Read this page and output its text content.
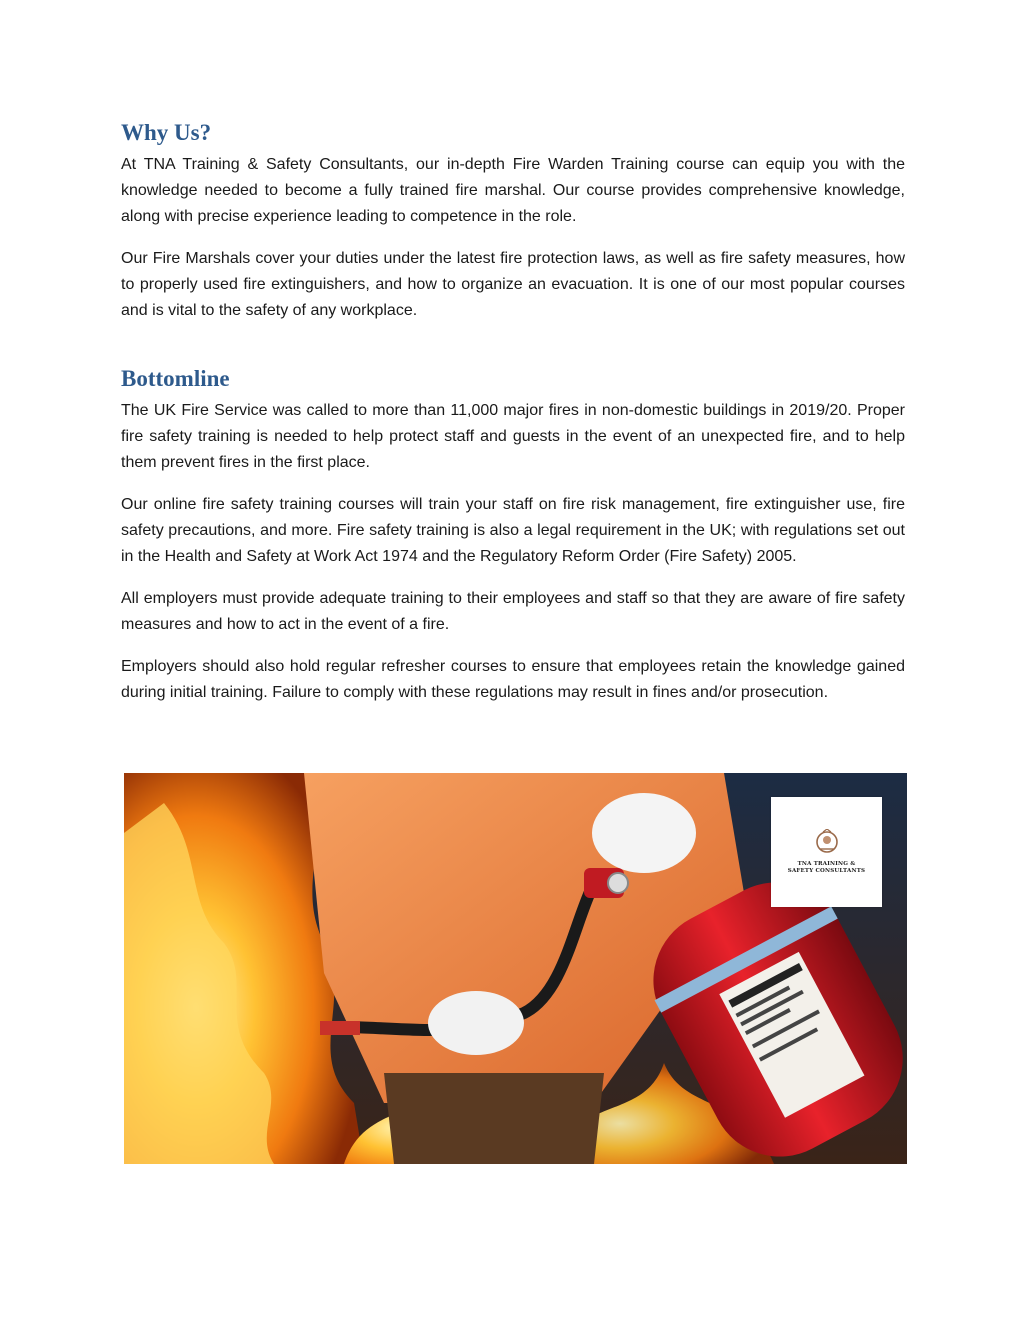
Why Us?

At TNA Training & Safety Consultants, our in-depth Fire Warden Training course can equip you with the knowledge needed to become a fully trained fire marshal. Our course provides comprehensive knowledge, along with precise experience leading to competence in the role.

Our Fire Marshals cover your duties under the latest fire protection laws, as well as fire safety measures, how to properly used fire extinguishers, and how to organize an evacuation. It is one of our most popular courses and is vital to the safety of any workplace.

Bottomline

The UK Fire Service was called to more than 11,000 major fires in non-domestic buildings in 2019/20. Proper fire safety training is needed to help protect staff and guests in the event of an unexpected fire, and to help them prevent fires in the first place.

Our online fire safety training courses will train your staff on fire risk management, fire extinguisher use, fire safety precautions, and more. Fire safety training is also a legal requirement in the UK; with regulations set out in the Health and Safety at Work Act 1974 and the Regulatory Reform Order (Fire Safety) 2005.

All employers must provide adequate training to their employees and staff so that they are aware of fire safety measures and how to act in the event of a fire.

Employers should also hold regular refresher courses to ensure that employees retain the knowledge gained during initial training. Failure to comply with these regulations may result in fines and/or prosecution.

TNA TRAINING &
SAFETY CONSULTANTS
